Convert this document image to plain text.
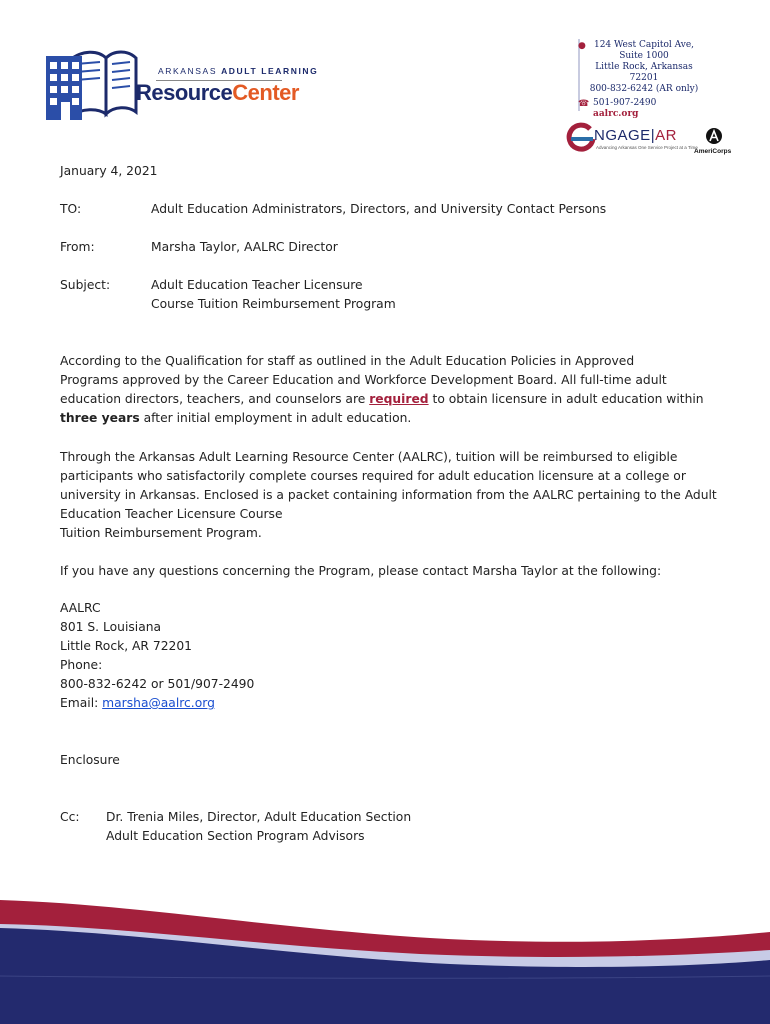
ARKANSAS ADULT LEARNING
ResourceCenter
● 124 West Capitol Ave,
Suite 1000
Little Rock, Arkansas 72201
800-832-6242 (AR only)
☎ 501-907-2490
aalrc.org
NGAGE|AR
Advancing Arkansas One Service Project at a Time
AmeriCorps
January 4, 2021
TO:	Adult Education Administrators, Directors, and University Contact Persons
From:	Marsha Taylor, AALRC Director
Subject:	Adult Education Teacher Licensure
Course Tuition Reimbursement Program
According to the Qualification for staff as outlined in the Adult Education Policies in Approved
Programs approved by the Career Education and Workforce Development Board. All full-time adult
education directors, teachers, and counselors are required to obtain licensure in adult education within
three years after initial employment in adult education.
Through the Arkansas Adult Learning Resource Center (AALRC), tuition will be reimbursed to eligible
participants who satisfactorily complete courses required for adult education licensure at a college or
university in Arkansas. Enclosed is a packet containing information from the AALRC pertaining to the Adult
Education Teacher Licensure Course
Tuition Reimbursement Program.
If you have any questions concerning the Program, please contact Marsha Taylor at the following:
AALRC
801 S. Louisiana
Little Rock, AR 72201
Phone:
800-832-6242 or 501/907-2490
Email: marsha@aalrc.org
Enclosure
Cc: Dr. Trenia Miles, Director, Adult Education Section
Adult Education Section Program Advisors
